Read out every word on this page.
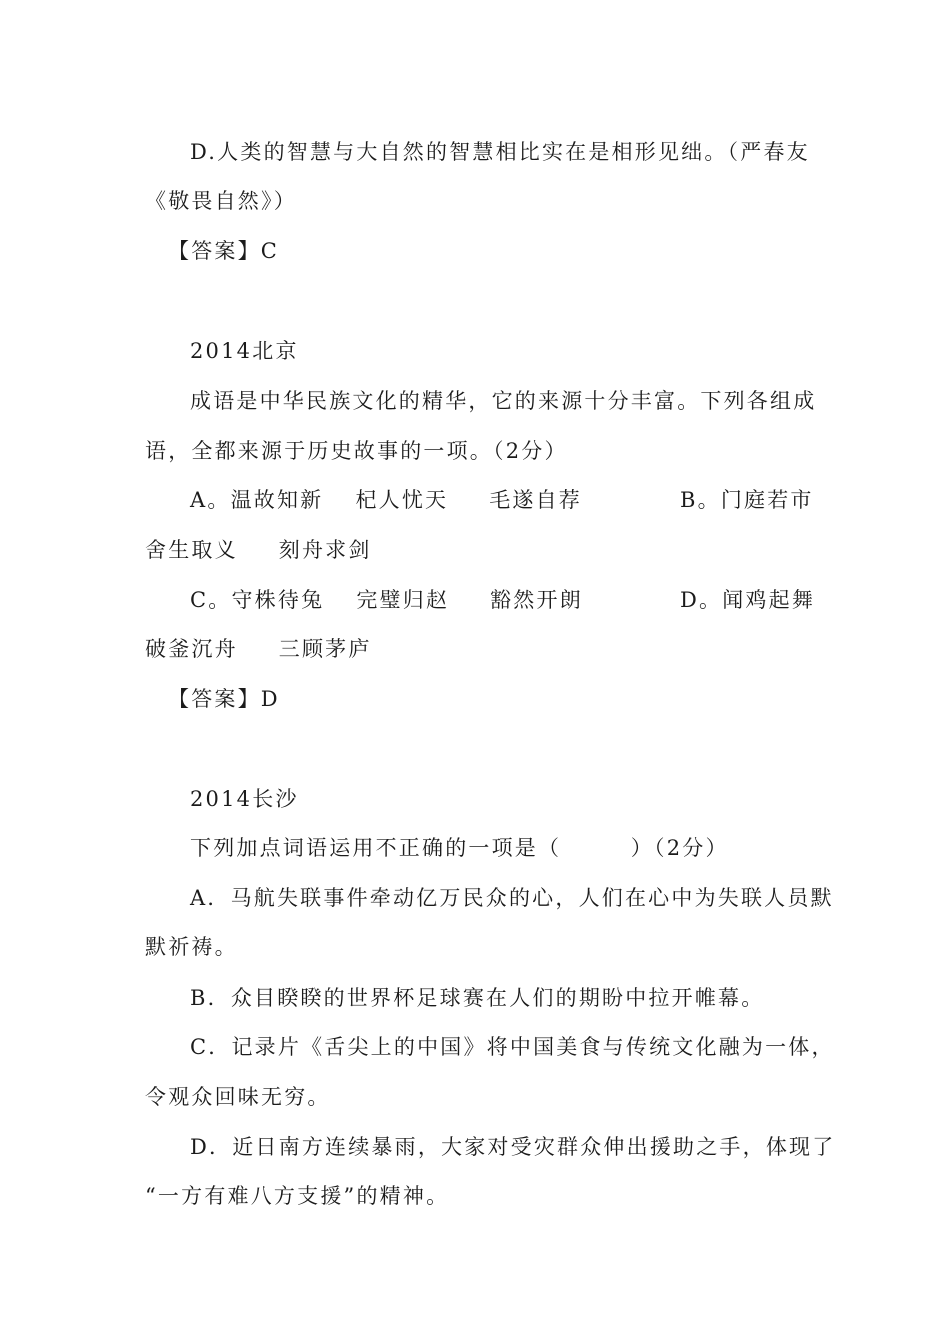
D.人类的智慧与大自然的智慧相比实在是相形见绌。（严春友
《敬畏自然》）
【答案】C
2014北京
成语是中华民族文化的精华，它的来源十分丰富。下列各组成
语，全都来源于历史故事的一项。（2分）
A。温故知新　 杞人忧天 　 毛遂自荐	B。门庭若市
舍生取义 　 刻舟求剑
C。守株待兔　 完璧归赵 　 豁然开朗	D。闻鸡起舞
破釜沉舟 　 三顾茅庐
【答案】D
2014长沙
下列加点词语运用不正确的一项是（　　　）（2分）
A．马航失联事件牵动亿万民众的心，人们在心中为失联人员默
默祈祷。
B．众目睽睽的世界杯足球赛在人们的期盼中拉开帷幕。
C．记录片《舌尖上的中国》将中国美食与传统文化融为一体，
令观众回味无穷。
D．近日南方连续暴雨，大家对受灾群众伸出援助之手，体现了
“一方有难八方支援”的精神。
